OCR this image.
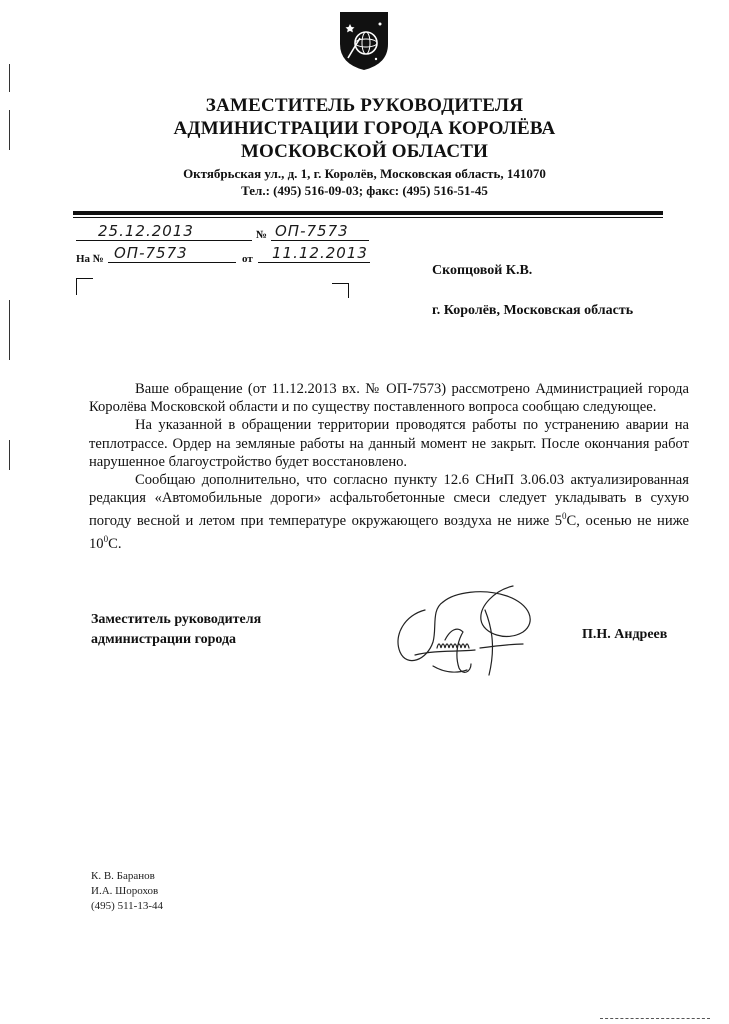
ЗАМЕСТИТЕЛЬ РУКОВОДИТЕЛЯ
АДМИНИСТРАЦИИ ГОРОДА КОРОЛЁВА
МОСКОВСКОЙ ОБЛАСТИ
Октябрьская ул., д. 1, г. Королёв, Московская область, 141070
Тел.: (495) 516-09-03; факс: (495) 516-51-45
25.12.2013	№ ОП-7573
На № ОП-7573	от	11.12.2013
Скопцовой К.В.
г. Королёв, Московская область

Ваше обращение (от 11.12.2013 вх. № ОП-7573) рассмотрено Администрацией города Королёва Московской области и по существу поставленного вопроса сообщаю следующее.

На указанной в обращении территории проводятся работы по устранению аварии на теплотрассе. Ордер на земляные работы на данный момент не закрыт. После окончания работ нарушенное благоустройство будет восстановлено.

Сообщаю дополнительно, что согласно пункту 12.6 СНиП 3.06.03 актуализированная редакция «Автомобильные дороги» асфальтобетонные смеси следует укладывать в сухую погоду весной и летом при температуре окружающего воздуха не ниже $5^0С$, осенью не ниже $10^0С$.

Заместитель руководителя
администрации города	П.Н. Андреев
К. В. Баранов
И.А. Шорохов
(495) 511-13-44
